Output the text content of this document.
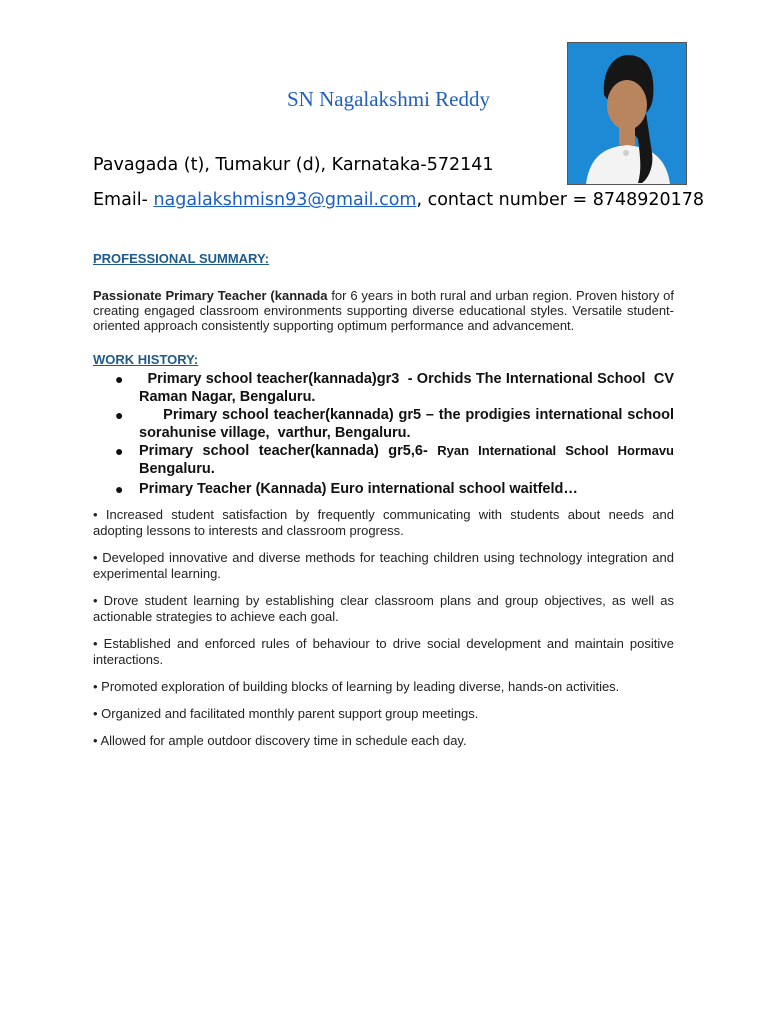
SN Nagalakshmi Reddy
Pavagada (t), Tumakur (d), Karnataka-572141
Email- nagalakshmisn93@gmail.com, contact number = 8748920178
PROFESSIONAL SUMMARY:
Passionate Primary Teacher (kannada for 6 years in both rural and urban region. Proven history of creating engaged classroom environments supporting diverse educational styles. Versatile student-oriented approach consistently supporting optimum performance and advancement.
WORK HISTORY:
● Primary school teacher(kannada)gr3  - Orchids The International School  CV Raman Nagar, Bengaluru.
● Primary school teacher(kannada) gr5 – the prodigies international school sorahunise village,  varthur, Bengaluru.
● Primary school teacher(kannada) gr5,6- Ryan International School Hormavu Bengaluru.
● Primary Teacher (Kannada) Euro international school waitfeld…

• Increased student satisfaction by frequently communicating with students about needs and adopting lessons to interests and classroom progress.

• Developed innovative and diverse methods for teaching children using technology integration and experimental learning.

• Drove student learning by establishing clear classroom plans and group objectives, as well as actionable strategies to achieve each goal.

• Established and enforced rules of behaviour to drive social development and maintain positive interactions.

• Promoted exploration of building blocks of learning by leading diverse, hands-on activities.

• Organized and facilitated monthly parent support group meetings.

• Allowed for ample outdoor discovery time in schedule each day.
